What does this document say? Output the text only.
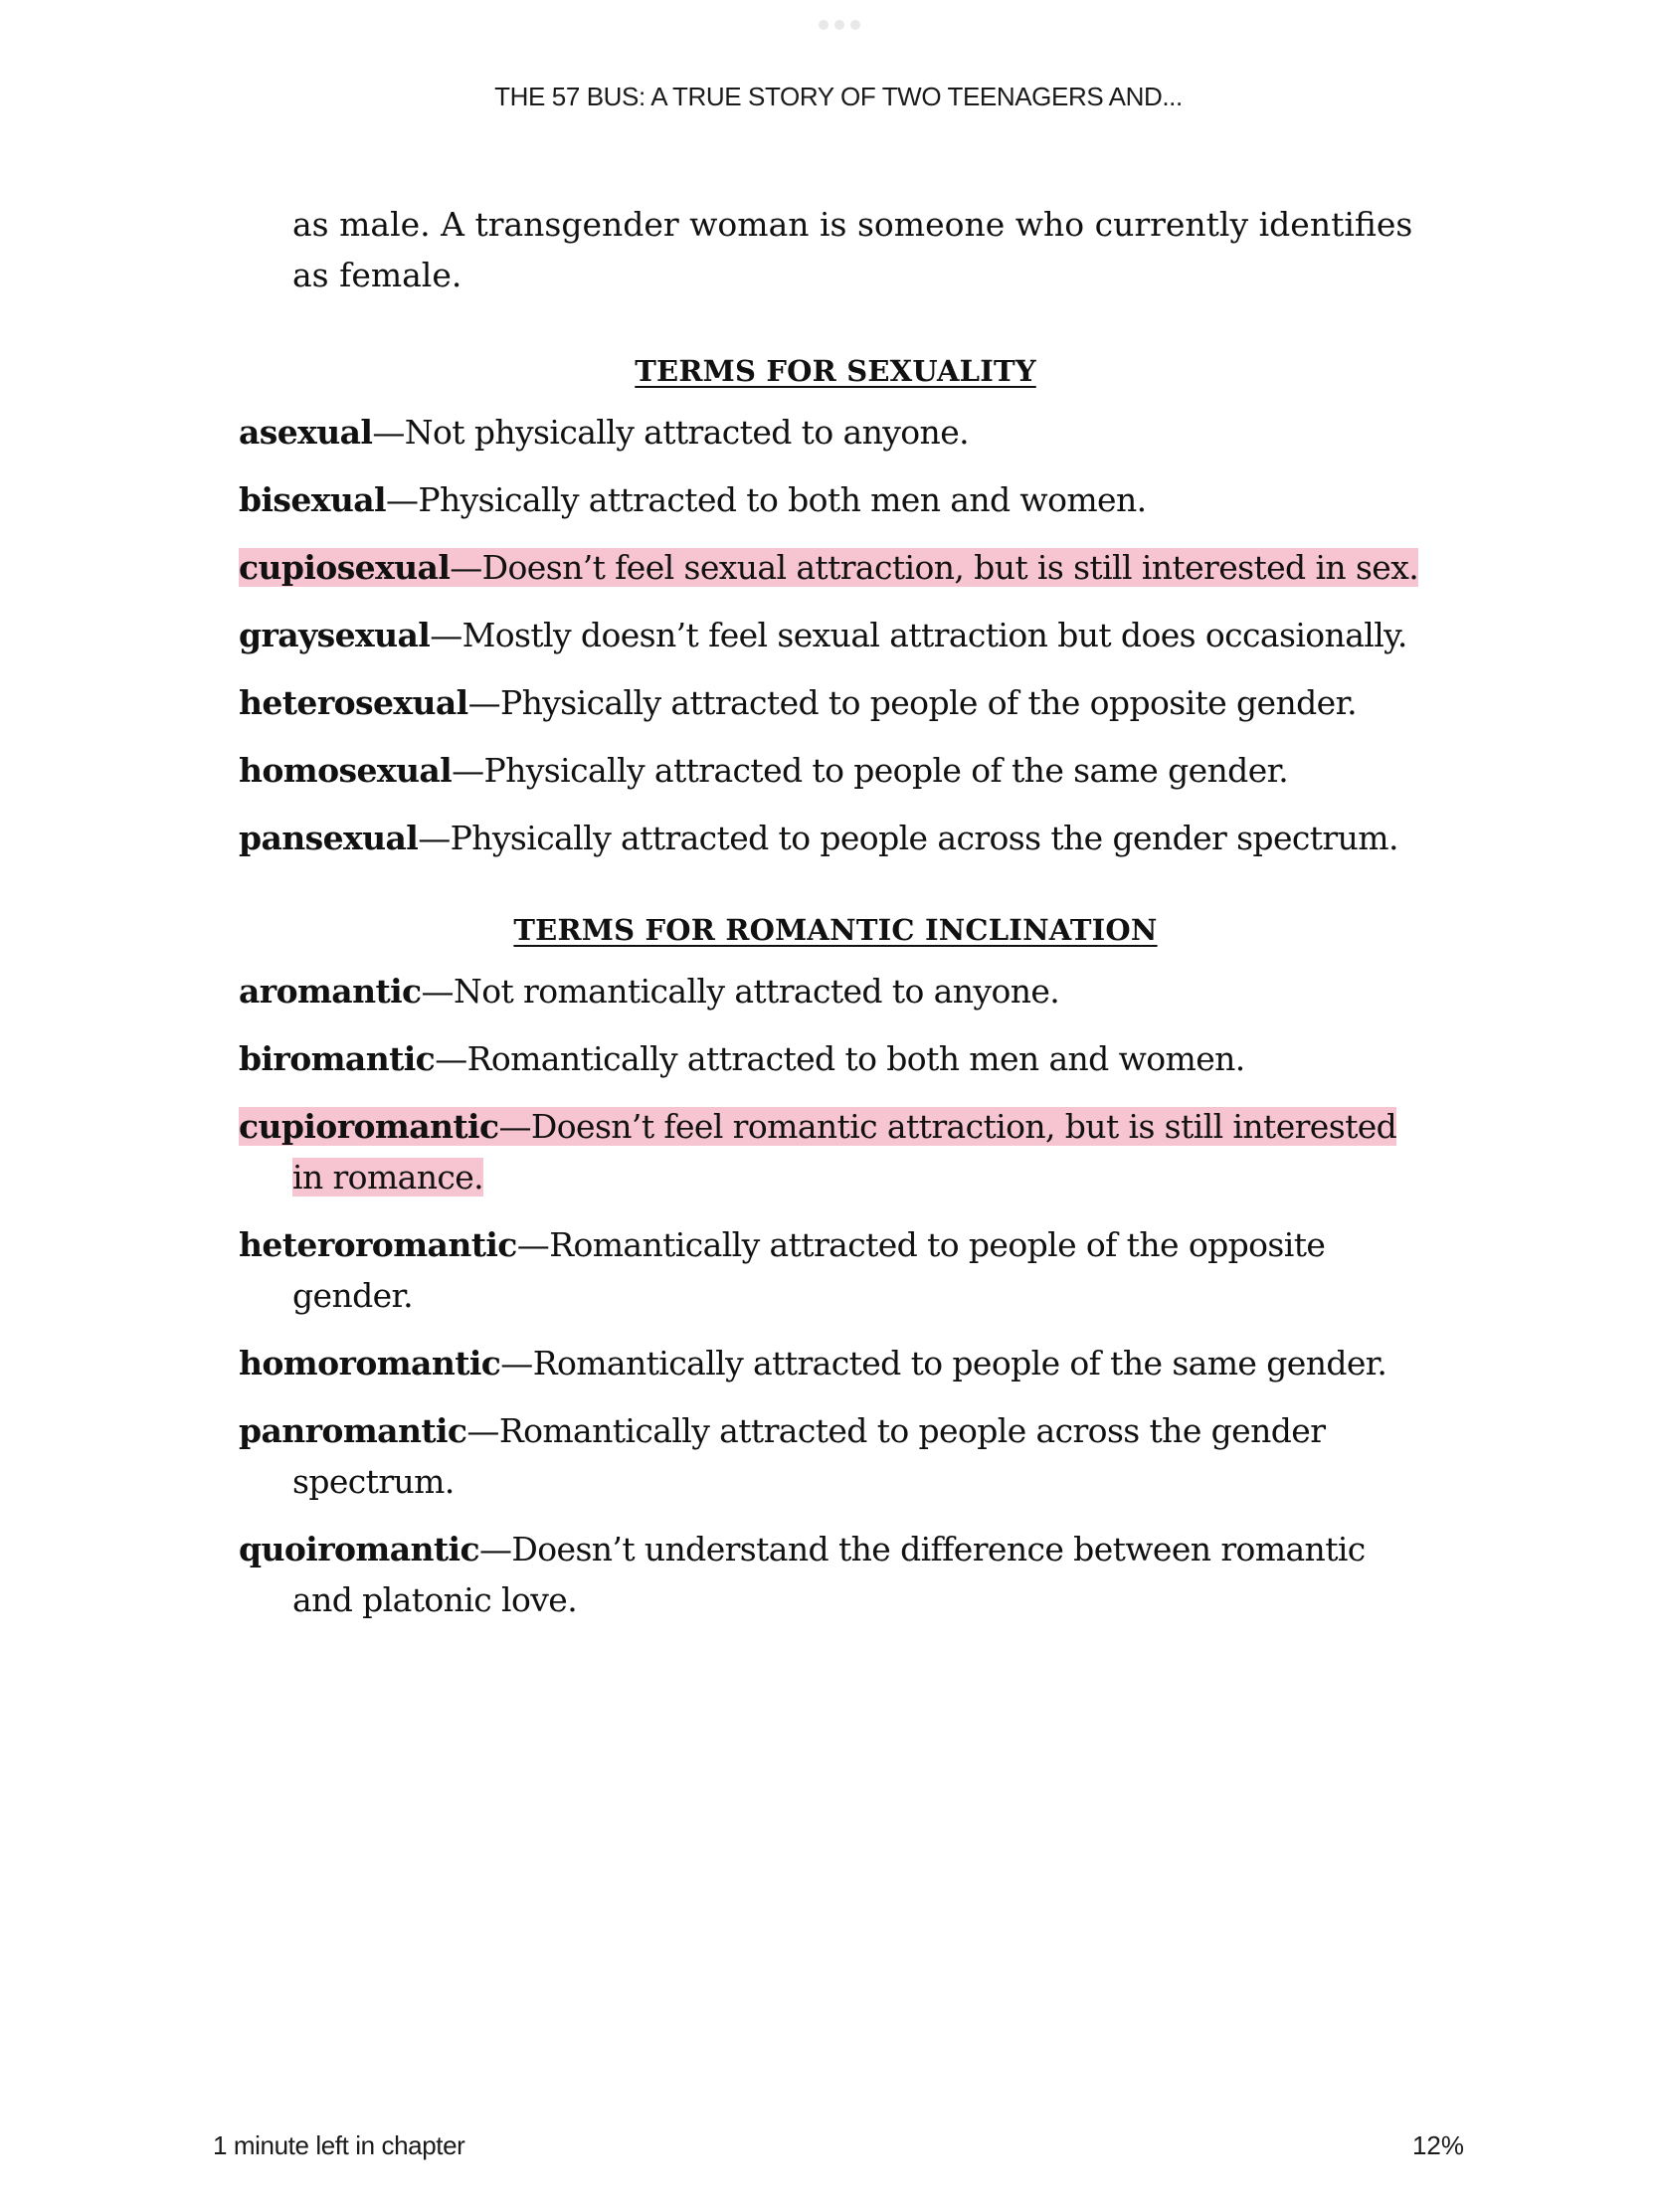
THE 57 BUS: A TRUE STORY OF TWO TEENAGERS AND...

as male. A transgender woman is someone who currently identifies as female.

TERMS FOR SEXUALITY

asexual—Not physically attracted to anyone.

bisexual—Physically attracted to both men and women.

cupiosexual—Doesn’t feel sexual attraction, but is still interested in sex.

graysexual—Mostly doesn’t feel sexual attraction but does occasionally.

heterosexual—Physically attracted to people of the opposite gender.

homosexual—Physically attracted to people of the same gender.

pansexual—Physically attracted to people across the gender spectrum.

TERMS FOR ROMANTIC INCLINATION

aromantic—Not romantically attracted to anyone.

biromantic—Romantically attracted to both men and women.

cupioromantic—Doesn’t feel romantic attraction, but is still interested in romance.

heteroromantic—Romantically attracted to people of the opposite gender.

homoromantic—Romantically attracted to people of the same gender.

panromantic—Romantically attracted to people across the gender spectrum.

quoiromantic—Doesn’t understand the difference between romantic and platonic love.

1 minute left in chapter	12%
